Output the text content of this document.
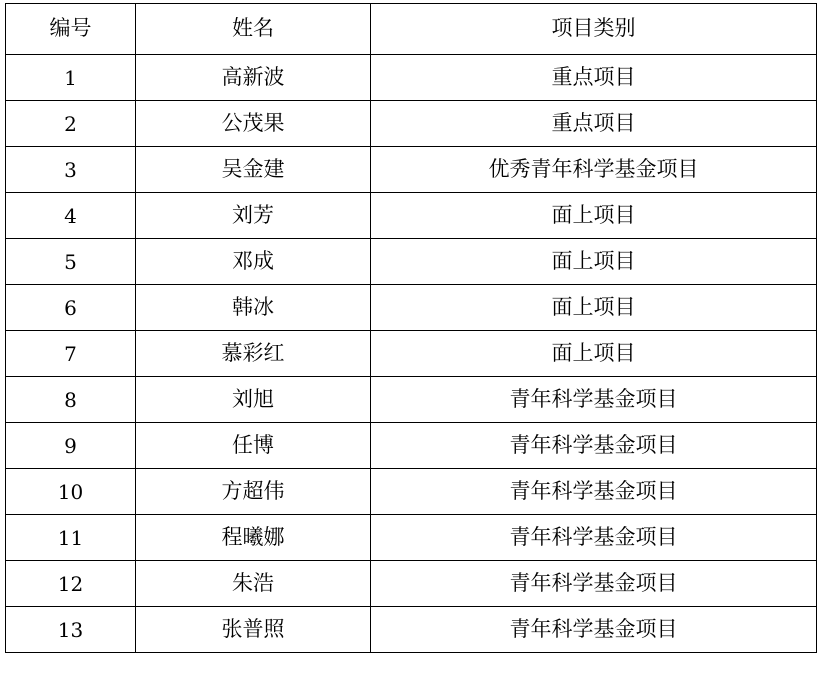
编号	姓名	项目类别
1	高新波	重点项目
2	公茂果	重点项目
3	吴金建	优秀青年科学基金项目
4	刘芳	面上项目
5	邓成	面上项目
6	韩冰	面上项目
7	慕彩红	面上项目
8	刘旭	青年科学基金项目
9	任博	青年科学基金项目
10	方超伟	青年科学基金项目
11	程曦娜	青年科学基金项目
12	朱浩	青年科学基金项目
13	张普照	青年科学基金项目
